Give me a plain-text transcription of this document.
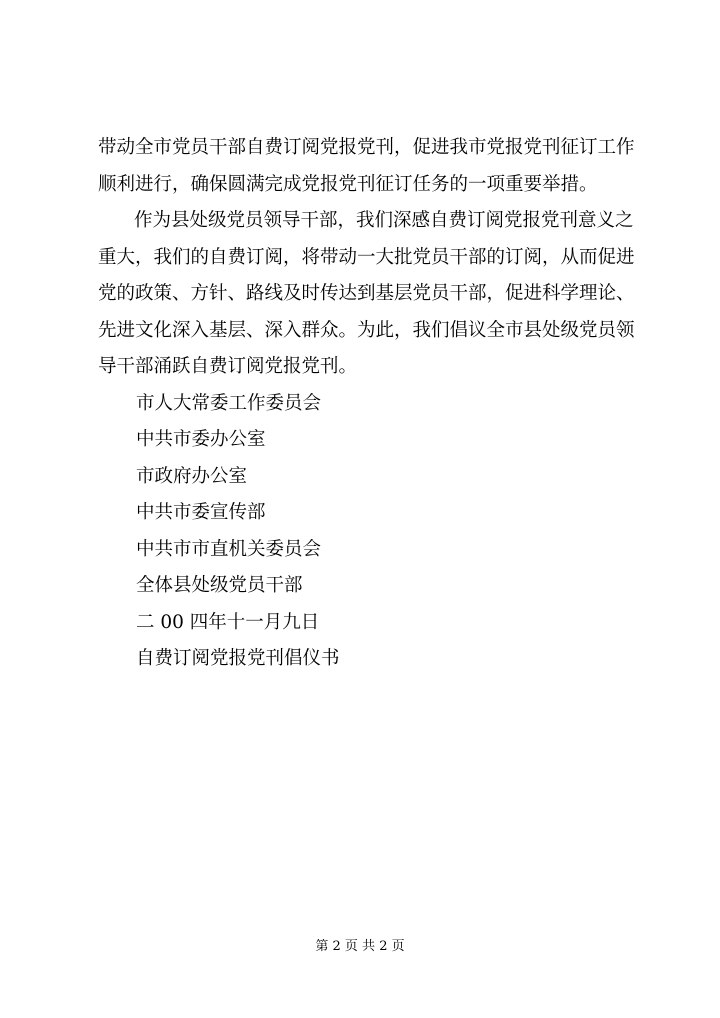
带动全市党员干部自费订阅党报党刊，促进我市党报党刊征订工作顺利进行，确保圆满完成党报党刊征订任务的一项重要举措。

作为县处级党员领导干部，我们深感自费订阅党报党刊意义之重大，我们的自费订阅，将带动一大批党员干部的订阅，从而促进党的政策、方针、路线及时传达到基层党员干部，促进科学理论、先进文化深入基层、深入群众。为此，我们倡议全市县处级党员领导干部涌跃自费订阅党报党刊。

市人大常委工作委员会

中共市委办公室

市政府办公室

中共市委宣传部

中共市市直机关委员会

全体县处级党员干部

二 00 四年十一月九日

自费订阅党报党刊倡仪书

第 2 页 共 2 页
